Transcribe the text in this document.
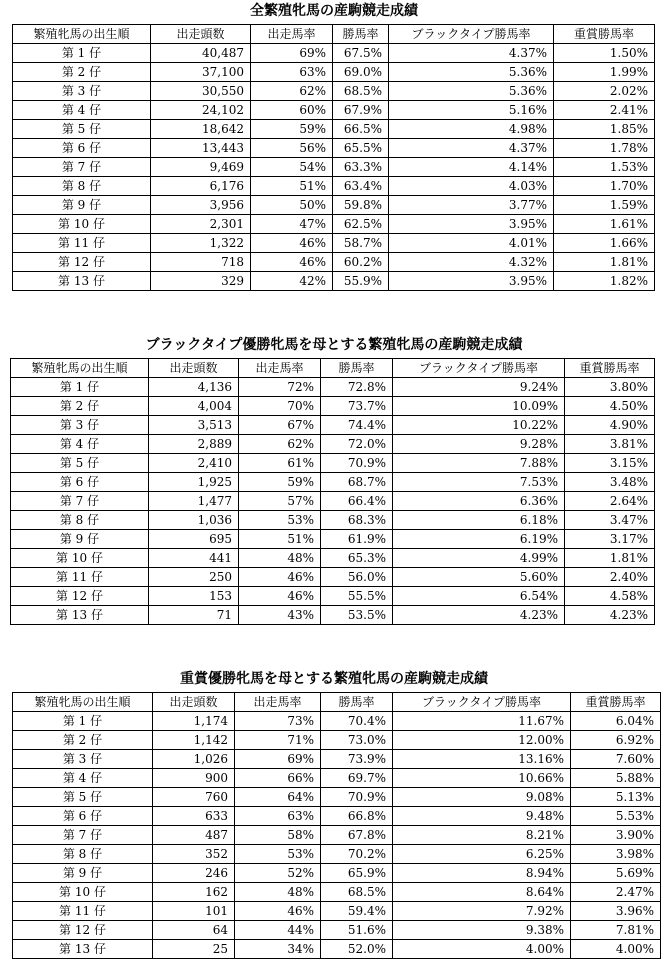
全繁殖牝馬の産駒競走成績
繁殖牝馬の出生順	出走頭数	出走馬率	勝馬率	ブラックタイプ勝馬率	重賞勝馬率
第 1 仔	40,487	69%	67.5%	4.37%	1.50%
第 2 仔	37,100	63%	69.0%	5.36%	1.99%
第 3 仔	30,550	62%	68.5%	5.36%	2.02%
第 4 仔	24,102	60%	67.9%	5.16%	2.41%
第 5 仔	18,642	59%	66.5%	4.98%	1.85%
第 6 仔	13,443	56%	65.5%	4.37%	1.78%
第 7 仔	9,469	54%	63.3%	4.14%	1.53%
第 8 仔	6,176	51%	63.4%	4.03%	1.70%
第 9 仔	3,956	50%	59.8%	3.77%	1.59%
第 10 仔	2,301	47%	62.5%	3.95%	1.61%
第 11 仔	1,322	46%	58.7%	4.01%	1.66%
第 12 仔	718	46%	60.2%	4.32%	1.81%
第 13 仔	329	42%	55.9%	3.95%	1.82%
ブラックタイプ優勝牝馬を母とする繁殖牝馬の産駒競走成績
繁殖牝馬の出生順	出走頭数	出走馬率	勝馬率	ブラックタイプ勝馬率	重賞勝馬率
第 1 仔	4,136	72%	72.8%	9.24%	3.80%
第 2 仔	4,004	70%	73.7%	10.09%	4.50%
第 3 仔	3,513	67%	74.4%	10.22%	4.90%
第 4 仔	2,889	62%	72.0%	9.28%	3.81%
第 5 仔	2,410	61%	70.9%	7.88%	3.15%
第 6 仔	1,925	59%	68.7%	7.53%	3.48%
第 7 仔	1,477	57%	66.4%	6.36%	2.64%
第 8 仔	1,036	53%	68.3%	6.18%	3.47%
第 9 仔	695	51%	61.9%	6.19%	3.17%
第 10 仔	441	48%	65.3%	4.99%	1.81%
第 11 仔	250	46%	56.0%	5.60%	2.40%
第 12 仔	153	46%	55.5%	6.54%	4.58%
第 13 仔	71	43%	53.5%	4.23%	4.23%
重賞優勝牝馬を母とする繁殖牝馬の産駒競走成績
繁殖牝馬の出生順	出走頭数	出走馬率	勝馬率	ブラックタイプ勝馬率	重賞勝馬率
第 1 仔	1,174	73%	70.4%	11.67%	6.04%
第 2 仔	1,142	71%	73.0%	12.00%	6.92%
第 3 仔	1,026	69%	73.9%	13.16%	7.60%
第 4 仔	900	66%	69.7%	10.66%	5.88%
第 5 仔	760	64%	70.9%	9.08%	5.13%
第 6 仔	633	63%	66.8%	9.48%	5.53%
第 7 仔	487	58%	67.8%	8.21%	3.90%
第 8 仔	352	53%	70.2%	6.25%	3.98%
第 9 仔	246	52%	65.9%	8.94%	5.69%
第 10 仔	162	48%	68.5%	8.64%	2.47%
第 11 仔	101	46%	59.4%	7.92%	3.96%
第 12 仔	64	44%	51.6%	9.38%	7.81%
第 13 仔	25	34%	52.0%	4.00%	4.00%
